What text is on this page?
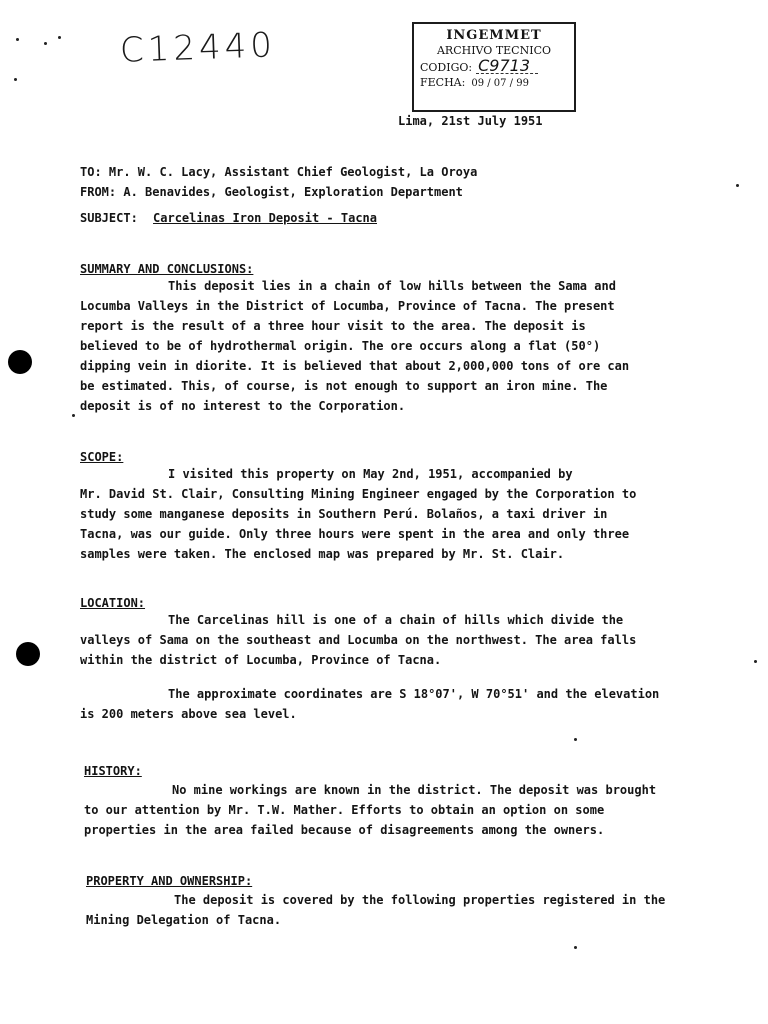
C12440	INGEMMET
ARCHIVO TECNICO
CODIGO: C9713
FECHA: 09 / 07 / 99
Lima, 21st July 1951
TO: Mr. W. C. Lacy, Assistant Chief Geologist, La Oroya
FROM: A. Benavides, Geologist, Exploration Department
SUBJECT: Carcelinas Iron Deposit - Tacna
SUMMARY AND CONCLUSIONS:
This deposit lies in a chain of low hills between the Sama and
Locumba Valleys in the District of Locumba, Province of Tacna. The present
report is the result of a three hour visit to the area. The deposit is
believed to be of hydrothermal origin. The ore occurs along a flat (50°)
dipping vein in diorite. It is believed that about 2,000,000 tons of ore can
be estimated. This, of course, is not enough to support an iron mine. The
deposit is of no interest to the Corporation.
SCOPE:
I visited this property on May 2nd, 1951, accompanied by
Mr. David St. Clair, Consulting Mining Engineer engaged by the Corporation to
study some manganese deposits in Southern Perú. Bolaños, a taxi driver in
Tacna, was our guide. Only three hours were spent in the area and only three
samples were taken. The enclosed map was prepared by Mr. St. Clair.
LOCATION:
The Carcelinas hill is one of a chain of hills which divide the
valleys of Sama on the southeast and Locumba on the northwest. The area falls
within the district of Locumba, Province of Tacna.
The approximate coordinates are S 18°07', W 70°51' and the elevation
is 200 meters above sea level.
HISTORY:
No mine workings are known in the district. The deposit was brought
to our attention by Mr. T.W. Mather. Efforts to obtain an option on some
properties in the area failed because of disagreements among the owners.
PROPERTY AND OWNERSHIP:
The deposit is covered by the following properties registered in the
Mining Delegation of Tacna.
